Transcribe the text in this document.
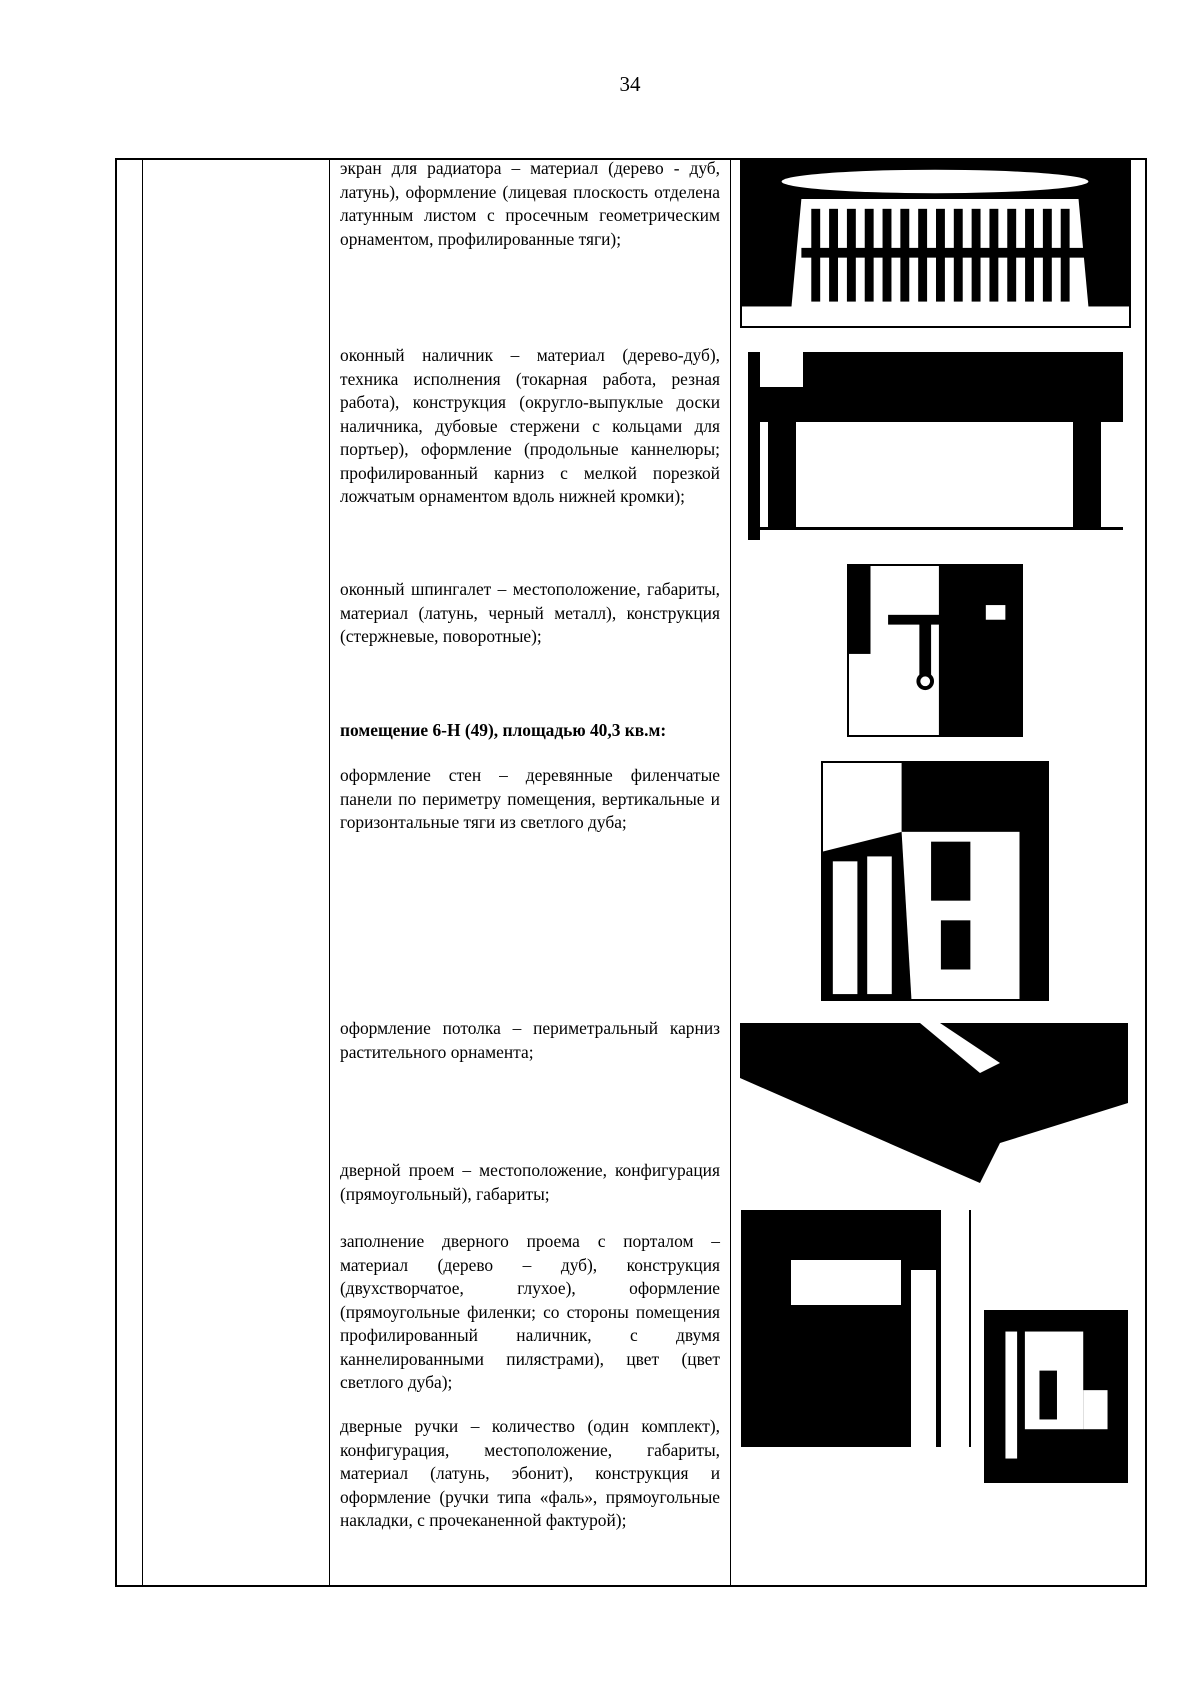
34
экран для радиатора – материал (дерево - дуб, латунь), оформление (лицевая плоскость отделена латунным листом с просечным геометрическим орнаментом, профилированные тяги);
оконный наличник – материал (дерево-дуб), техника исполнения (токарная работа, резная работа), конструкция (округло-выпуклые доски наличника, дубовые стержени с кольцами для портьер), оформление (продольные каннелюры; профилированный карниз с мелкой порезкой ложчатым орнаментом вдоль нижней кромки);
оконный шпингалет – местоположение, габариты, материал (латунь, черный металл), конструкция (стержневые, поворотные);
помещение 6-Н (49), площадью 40,3 кв.м:
оформление стен – деревянные филенчатые панели по периметру помещения, вертикальные и горизонтальные тяги из светлого дуба;
оформление потолка – периметральный карниз растительного орнамента;
дверной проем – местоположение, конфигурация (прямоугольный), габариты;
заполнение дверного проема с порталом – материал (дерево – дуб), конструкция (двухстворчатое, глухое), оформление (прямоугольные филенки; со стороны помещения профилированный наличник, с двумя каннелированными пилястрами), цвет (цвет светлого дуба);
дверные ручки – количество (один комплект), конфигурация, местоположение, габариты, материал (латунь, эбонит), конструкция и оформление (ручки типа «фаль», прямоугольные накладки, с прочеканенной фактурой);
